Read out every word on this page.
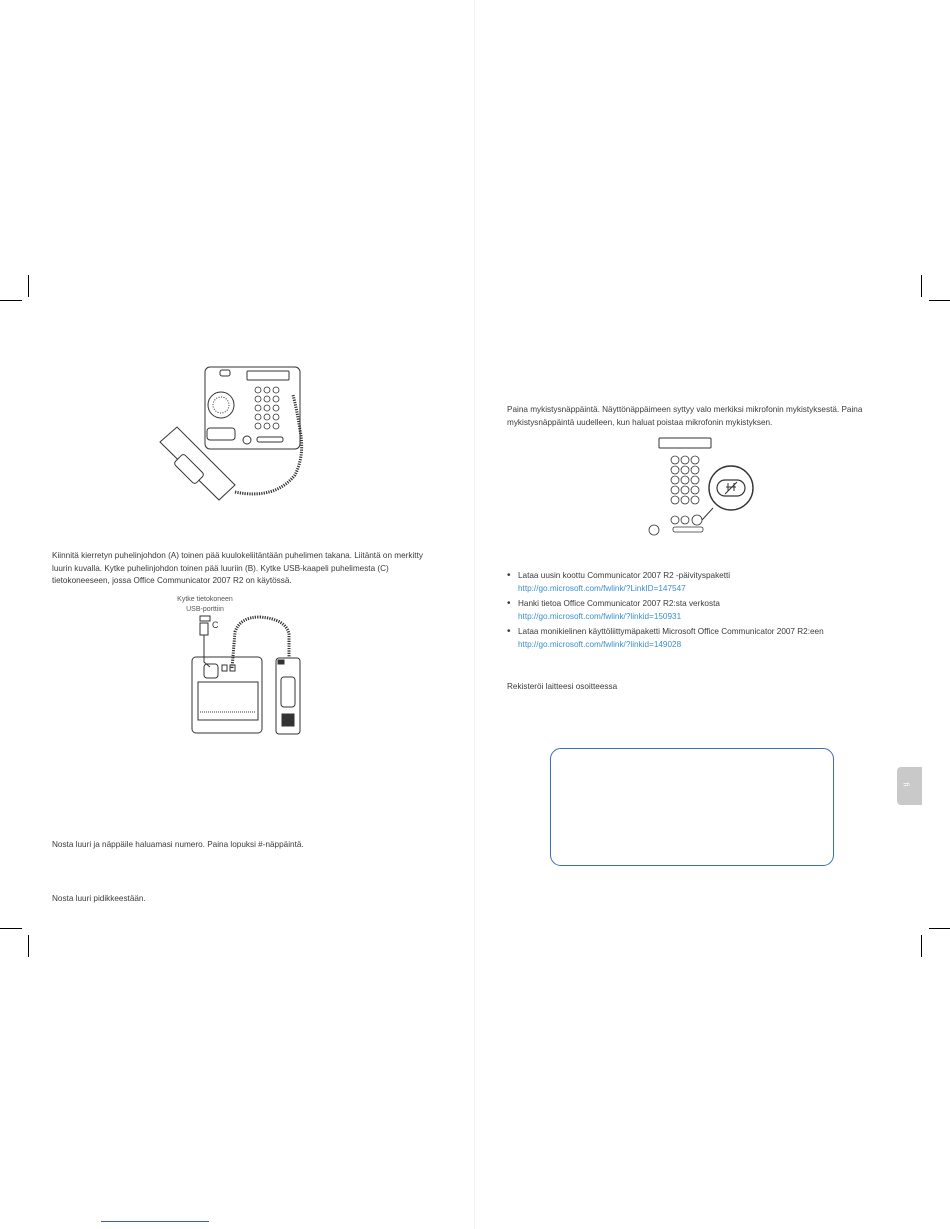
Kiinnitä kierretyn puhelinjohdon (A) toinen pää kuulokeliitäntään puhelimen takana. Liitäntä on merkitty luurin kuvalla. Kytke puhelinjohdon toinen pää luuriin (B). Kytke USB-kaapeli puhelimesta (C) tietokoneeseen, jossa Office Communicator 2007 R2 on käytössä.
Kytke tietokoneen
USB-porttiin
C
Nosta luuri ja näppäile haluamasi numero. Paina lopuksi #-näppäintä.
Nosta luuri pidikkeestään.
Paina mykistysnäppäintä. Näyttönäppäimeen syttyy valo merkiksi mikrofonin mykistyksestä. Paina mykistysnäppäintä uudelleen, kun haluat poistaa mikrofonin mykistyksen.
• Lataa uusin koottu Communicator 2007 R2 -päivityspaketti
http://go.microsoft.com/fwlink/?LinkID=147547
• Hanki tietoa Office Communicator 2007 R2:sta verkosta
http://go.microsoft.com/fwlink/?linkid=150931
• Lataa monikielinen käyttöliittymäpaketti Microsoft Office Communicator 2007 R2:een
http://go.microsoft.com/fwlink/?linkid=149028
Rekisteröi laitteesi osoitteessa
fi
